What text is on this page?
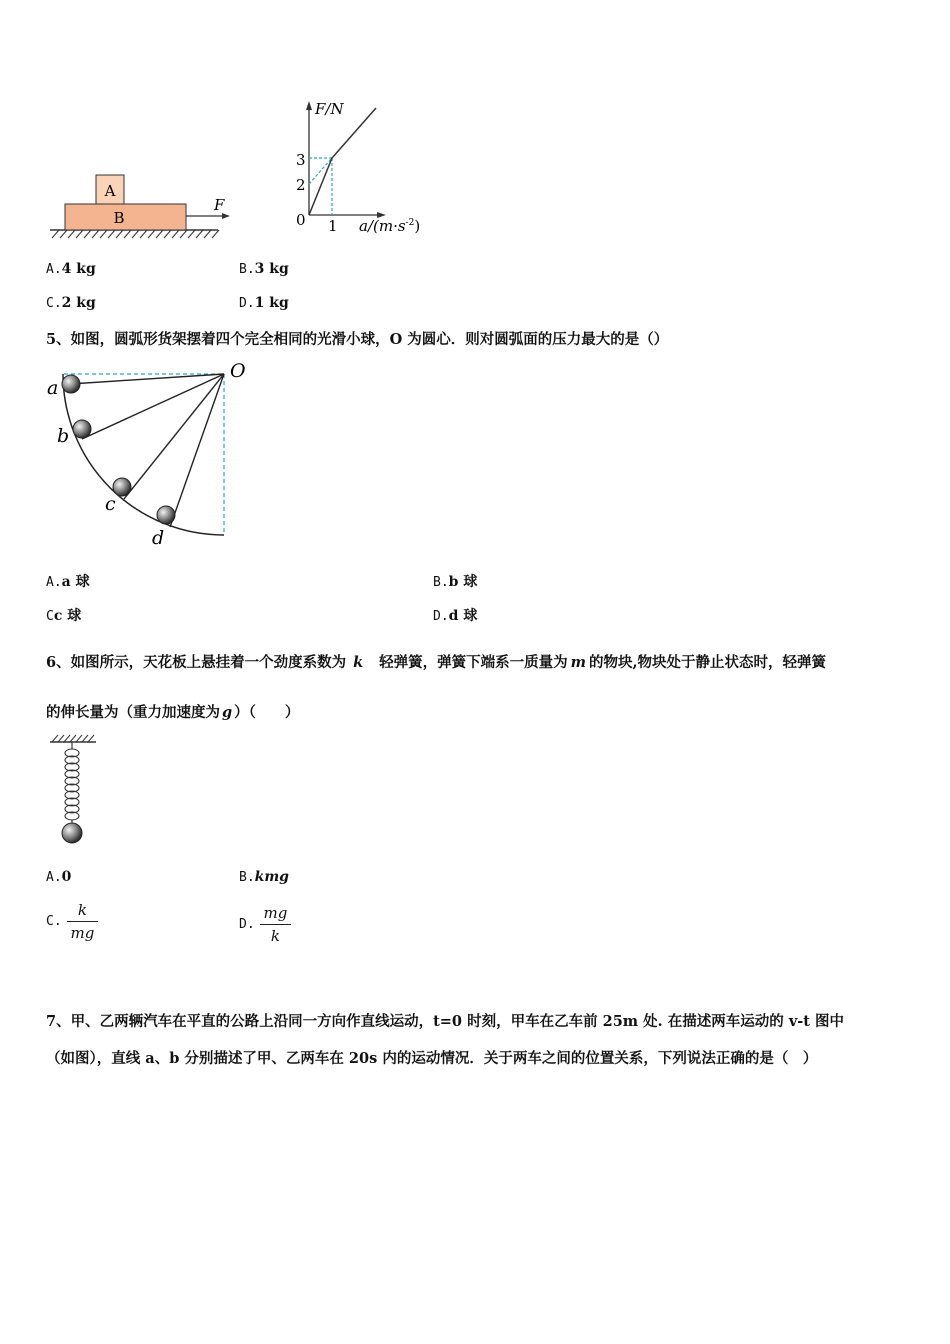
A
B
F
F/N
3
2
0 1 $a/(m\cdot s^{-2})$
A.4 kg	B.3 kg
C.2 kg	D.1 kg
5、如图，圆弧形货架摆着四个完全相同的光滑小球，O 为圆心．则对圆弧面的压力最大的是（）
O
a
b
c
d
A.a 球	B.b 球
Cc 球	D.d 球
6、如图所示，天花板上悬挂着一个劲度系数为 k 轻弹簧，弹簧下端系一质量为 m 的物块,物块处于静止状态时，轻弹簧
的伸长量为（重力加速度为 g ）（　　）
A.0	B.kmg
C. $\frac{k}{mg}$	D. $\frac{mg}{k}$
7、甲、乙两辆汽车在平直的公路上沿同一方向作直线运动，t=0 时刻，甲车在乙车前 25m 处. 在描述两车运动的 v-t 图中
（如图），直线 a、b 分别描述了甲、乙两车在 20s 内的运动情况．关于两车之间的位置关系，下列说法正确的是（　）
